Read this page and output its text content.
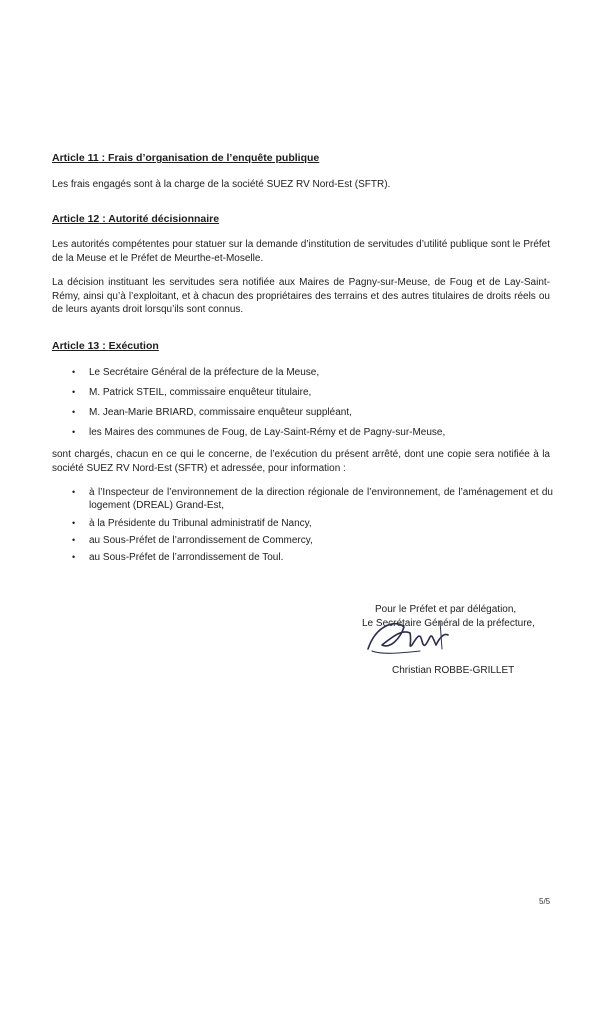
Article 11 : Frais d’organisation de l’enquête publique
Les frais engagés sont à la charge de la société SUEZ RV Nord-Est (SFTR).
Article 12 : Autorité décisionnaire
Les autorités compétentes pour statuer sur la demande d’institution de servitudes d’utilité publique sont le Préfet de la Meuse et le Préfet de Meurthe-et-Moselle.
La décision instituant les servitudes sera notifiée aux Maires de Pagny-sur-Meuse, de Foug et de Lay-Saint-Rémy, ainsi qu’à l’exploitant, et à chacun des propriétaires des terrains et des autres titulaires de droits réels ou de leurs ayants droit lorsqu’ils sont connus.
Article 13 : Exécution
• Le Secrétaire Général de la préfecture de la Meuse,
• M. Patrick STEIL, commissaire enquêteur titulaire,
• M. Jean-Marie BRIARD, commissaire enquêteur suppléant,
• les Maires des communes de Foug, de Lay-Saint-Rémy et de Pagny-sur-Meuse,
sont chargés, chacun en ce qui le concerne, de l’exécution du présent arrêté, dont une copie sera notifiée à la société SUEZ RV Nord-Est (SFTR) et adressée, pour information :
• à l’Inspecteur de l’environnement de la direction régionale de l’environnement, de l’aménagement et du logement (DREAL) Grand-Est,
• à la Présidente du Tribunal administratif de Nancy,
• au Sous-Préfet de l’arrondissement de Commercy,
• au Sous-Préfet de l’arrondissement de Toul.
Pour le Préfet et par délégation,
Le Secrétaire Général de la préfecture,
Christian ROBBE-GRILLET
5/5
